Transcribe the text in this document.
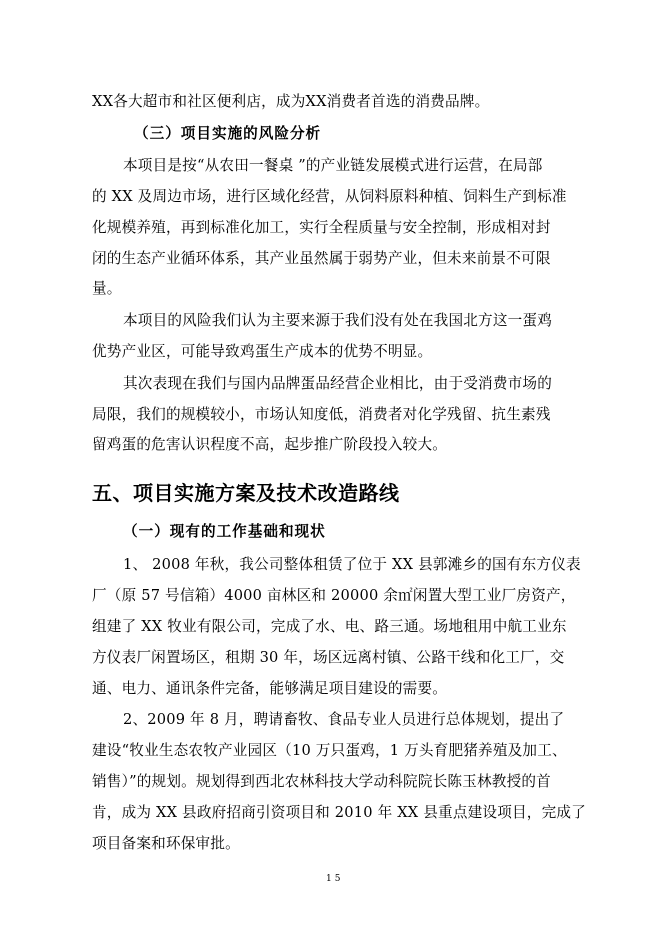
XX各大超市和社区便利店，成为XX消费者首选的消费品牌。
（三）项目实施的风险分析
本项目是按“从农田一餐桌 ”的产业链发展模式进行运营，在局部
的 XX 及周边市场，进行区域化经营，从饲料原料种植、饲料生产到标准
化规模养殖，再到标准化加工，实行全程质量与安全控制，形成相对封
闭的生态产业循环体系，其产业虽然属于弱势产业，但未来前景不可限
量。
本项目的风险我们认为主要来源于我们没有处在我国北方这一蛋鸡
优势产业区，可能导致鸡蛋生产成本的优势不明显。
其次表现在我们与国内品牌蛋品经营企业相比，由于受消费市场的
局限，我们的规模较小，市场认知度低，消费者对化学残留、抗生素残
留鸡蛋的危害认识程度不高，起步推广阶段投入较大。
五、项目实施方案及技术改造路线
（一）现有的工作基础和现状
1、 2008 年秋，我公司整体租赁了位于 XX 县郭滩乡的国有东方仪表
厂（原 57 号信箱）4000 亩林区和 20000 余㎡闲置大型工业厂房资产，
组建了 XX 牧业有限公司，完成了水、电、路三通。场地租用中航工业东
方仪表厂闲置场区，租期 30 年，场区远离村镇、公路干线和化工厂，交
通、电力、通讯条件完备，能够满足项目建设的需要。
2、2009 年 8 月，聘请畜牧、食品专业人员进行总体规划，提出了
建设“牧业生态农牧产业园区（10 万只蛋鸡，1 万头育肥猪养殖及加工、
销售）”的规划。规划得到西北农林科技大学动科院院长陈玉林教授的首
肯，成为 XX 县政府招商引资项目和 2010 年 XX 县重点建设项目，完成了
项目备案和环保审批。
15
